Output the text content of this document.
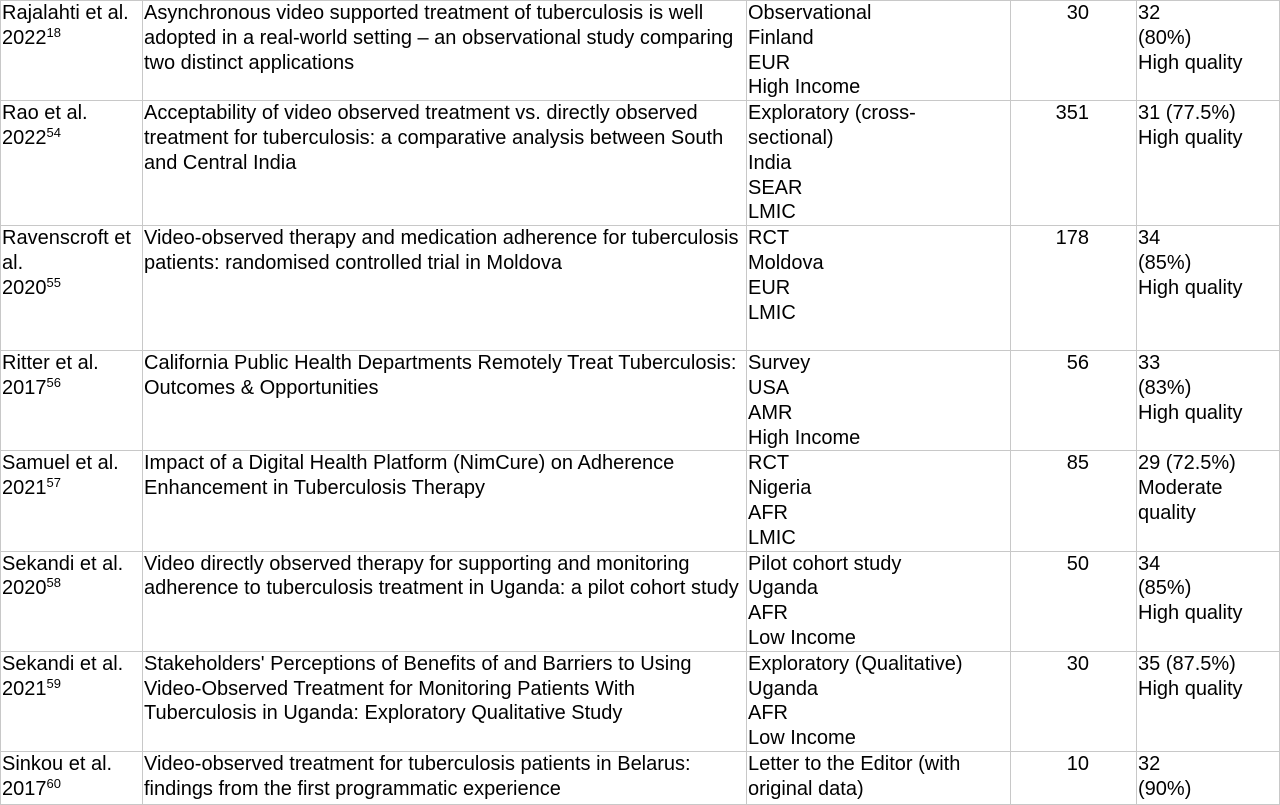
Rajalahti et al.
2022$^{18}$	Asynchronous video supported treatment of tuberculosis is well adopted in a real-world setting – an observational study comparing two distinct applications	Observational
Finland
EUR
High Income	30	32
(80%)
High quality

Rao et al.
2022$^{54}$	Acceptability of video observed treatment vs. directly observed treatment for tuberculosis: a comparative analysis between South and Central India	Exploratory (cross-
sectional)
India
SEAR
LMIC	351	31 (77.5%)
High quality

Ravenscroft et
al.
2020$^{55}$	Video-observed therapy and medication adherence for tuberculosis patients: randomised controlled trial in Moldova	RCT
Moldova
EUR
LMIC	178	34
(85%)
High quality

Ritter et al.
2017$^{56}$	California Public Health Departments Remotely Treat Tuberculosis: Outcomes & Opportunities	Survey
USA
AMR
High Income	56	33
(83%)
High quality

Samuel et al.
2021$^{57}$	Impact of a Digital Health Platform (NimCure) on Adherence Enhancement in Tuberculosis Therapy	RCT
Nigeria
AFR
LMIC	85	29 (72.5%)
Moderate
quality

Sekandi et al.
2020$^{58}$	Video directly observed therapy for supporting and monitoring adherence to tuberculosis treatment in Uganda: a pilot cohort study	Pilot cohort study
Uganda
AFR
Low Income	50	34
(85%)
High quality

Sekandi et al.
2021$^{59}$	Stakeholders' Perceptions of Benefits of and Barriers to Using Video-Observed Treatment for Monitoring Patients With Tuberculosis in Uganda: Exploratory Qualitative Study	Exploratory (Qualitative)
Uganda
AFR
Low Income	30	35 (87.5%)
High quality

Sinkou et al.
2017$^{60}$	Video-observed treatment for tuberculosis patients in Belarus: findings from the first programmatic experience	Letter to the Editor (with
original data)	10	32
(90%)
